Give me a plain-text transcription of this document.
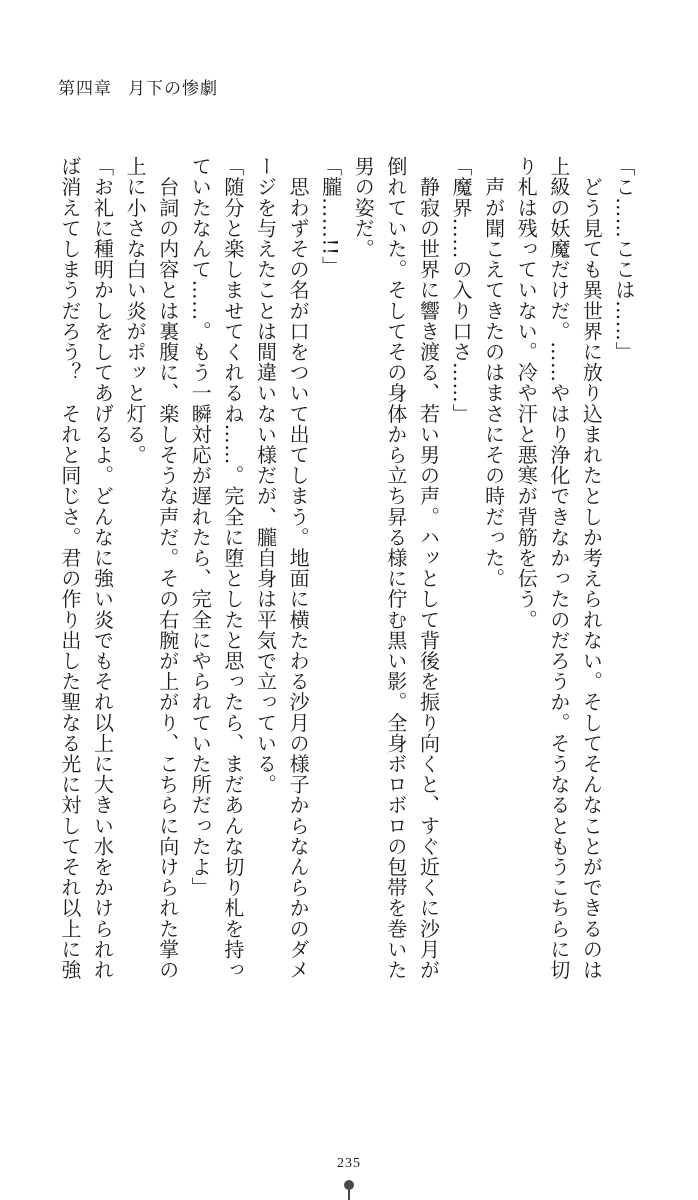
第四章 月下の惨劇

「こ……ここは……」

　どう見ても異世界に放り込まれたとしか考えられない。そしてそんなことができるのは

上級の妖魔だけだ。……やはり浄化できなかったのだろうか。そうなるともうこちらに切

り札は残っていない。冷や汗と悪寒が背筋を伝う。

　声が聞こえてきたのはまさにその時だった。

「魔界……の入り口さ……」

　静寂の世界に響き渡る、若い男の声。ハッとして背後を振り向くと、すぐ近くに沙月が

倒れていた。そしてその身体から立ち昇る様に佇む黒い影。全身ボロボロの包帯を巻いた

男の姿だ。

「朧……!!」

　思わずその名が口をついて出てしまう。地面に横たわる沙月の様子からなんらかのダメ

ージを与えたことは間違いない様だが、朧自身は平気で立っている。

「随分と楽しませてくれるね……。完全に堕としたと思ったら、まだあんな切り札を持っ

ていたなんて……。もう一瞬対応が遅れたら、完全にやられていた所だったよ」

　台詞の内容とは裏腹に、楽しそうな声だ。その右腕が上がり、こちらに向けられた掌の

上に小さな白い炎がポッと灯る。

「お礼に種明かしをしてあげるよ。どんなに強い炎でもそれ以上に大きい水をかけられれ

ば消えてしまうだろう？　それと同じさ。君の作り出した聖なる光に対してそれ以上に強

235
